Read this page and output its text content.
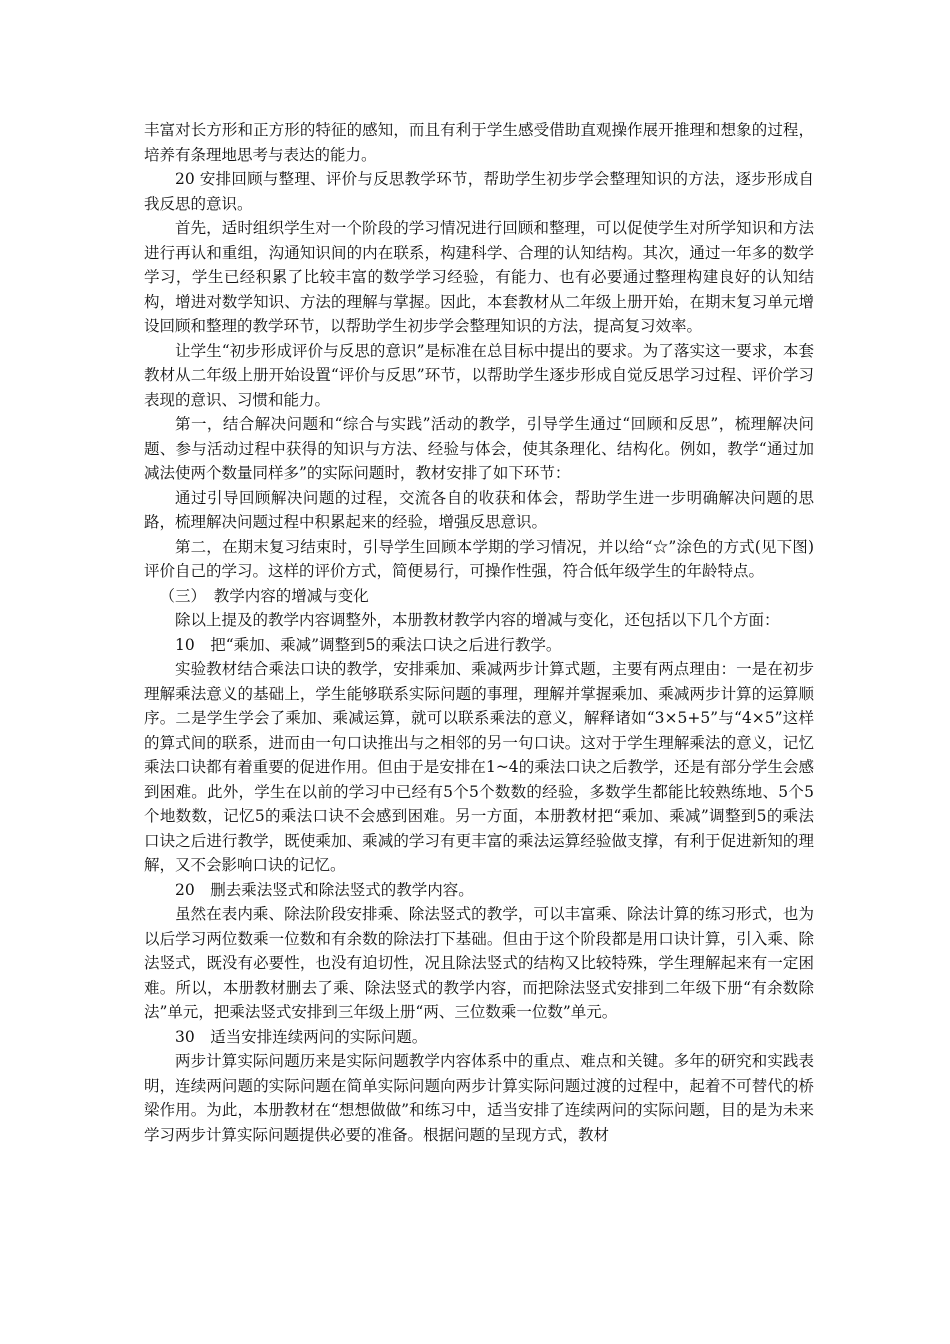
丰富对长方形和正方形的特征的感知，而且有利于学生感受借助直观操作展开推理和想象的过程，培养有条理地思考与表达的能力。

20 安排回顾与整理、评价与反思教学环节，帮助学生初步学会整理知识的方法，逐步形成自我反思的意识。

首先，适时组织学生对一个阶段的学习情况进行回顾和整理，可以促使学生对所学知识和方法进行再认和重组，沟通知识间的内在联系，构建科学、合理的认知结构。其次，通过一年多的数学学习，学生已经积累了比较丰富的数学学习经验，有能力、也有必要通过整理构建良好的认知结构，增进对数学知识、方法的理解与掌握。因此，本套教材从二年级上册开始，在期末复习单元增设回顾和整理的教学环节，以帮助学生初步学会整理知识的方法，提高复习效率。

让学生“初步形成评价与反思的意识”是标准在总目标中提出的要求。为了落实这一要求，本套教材从二年级上册开始设置“评价与反思”环节，以帮助学生逐步形成自觉反思学习过程、评价学习表现的意识、习惯和能力。

第一，结合解决问题和“综合与实践”活动的教学，引导学生通过“回顾和反思”，梳理解决问题、参与活动过程中获得的知识与方法、经验与体会，使其条理化、结构化。例如，教学“通过加减法使两个数量同样多”的实际问题时，教材安排了如下环节：

通过引导回顾解决问题的过程，交流各自的收获和体会，帮助学生进一步明确解决问题的思路，梳理解决问题过程中积累起来的经验，增强反思意识。

第二，在期末复习结束时，引导学生回顾本学期的学习情况，并以给“☆”涂色的方式(见下图)评价自己的学习。这样的评价方式，简便易行，可操作性强，符合低年级学生的年龄特点。

（三）　教学内容的增减与变化

除以上提及的教学内容调整外，本册教材教学内容的增减与变化，还包括以下几个方面：

10　把“乘加、乘减”调整到5的乘法口诀之后进行教学。

实验教材结合乘法口诀的教学，安排乘加、乘减两步计算式题，主要有两点理由：一是在初步理解乘法意义的基础上，学生能够联系实际问题的事理，理解并掌握乘加、乘减两步计算的运算顺序。二是学生学会了乘加、乘减运算，就可以联系乘法的意义，解释诸如“3×5+5”与“4×5”这样的算式间的联系，进而由一句口诀推出与之相邻的另一句口诀。这对于学生理解乘法的意义，记忆乘法口诀都有着重要的促进作用。但由于是安排在1~4的乘法口诀之后教学，还是有部分学生会感到困难。此外，学生在以前的学习中已经有5个5个数数的经验，多数学生都能比较熟练地、5个5个地数数，记忆5的乘法口诀不会感到困难。另一方面，本册教材把“乘加、乘减”调整到5的乘法口诀之后进行教学，既使乘加、乘减的学习有更丰富的乘法运算经验做支撑，有利于促进新知的理解，又不会影响口诀的记忆。

20　删去乘法竖式和除法竖式的教学内容。

虽然在表内乘、除法阶段安排乘、除法竖式的教学，可以丰富乘、除法计算的练习形式，也为以后学习两位数乘一位数和有余数的除法打下基础。但由于这个阶段都是用口诀计算，引入乘、除法竖式，既没有必要性，也没有迫切性，况且除法竖式的结构又比较特殊，学生理解起来有一定困难。所以，本册教材删去了乘、除法竖式的教学内容，而把除法竖式安排到二年级下册“有余数除法”单元，把乘法竖式安排到三年级上册“两、三位数乘一位数”单元。

30　适当安排连续两问的实际问题。

两步计算实际问题历来是实际问题教学内容体系中的重点、难点和关键。多年的研究和实践表明，连续两问题的实际问题在简单实际问题向两步计算实际问题过渡的过程中，起着不可替代的桥梁作用。为此，本册教材在“想想做做”和练习中，适当安排了连续两问的实际问题，目的是为未来学习两步计算实际问题提供必要的准备。根据问题的呈现方式，教材
